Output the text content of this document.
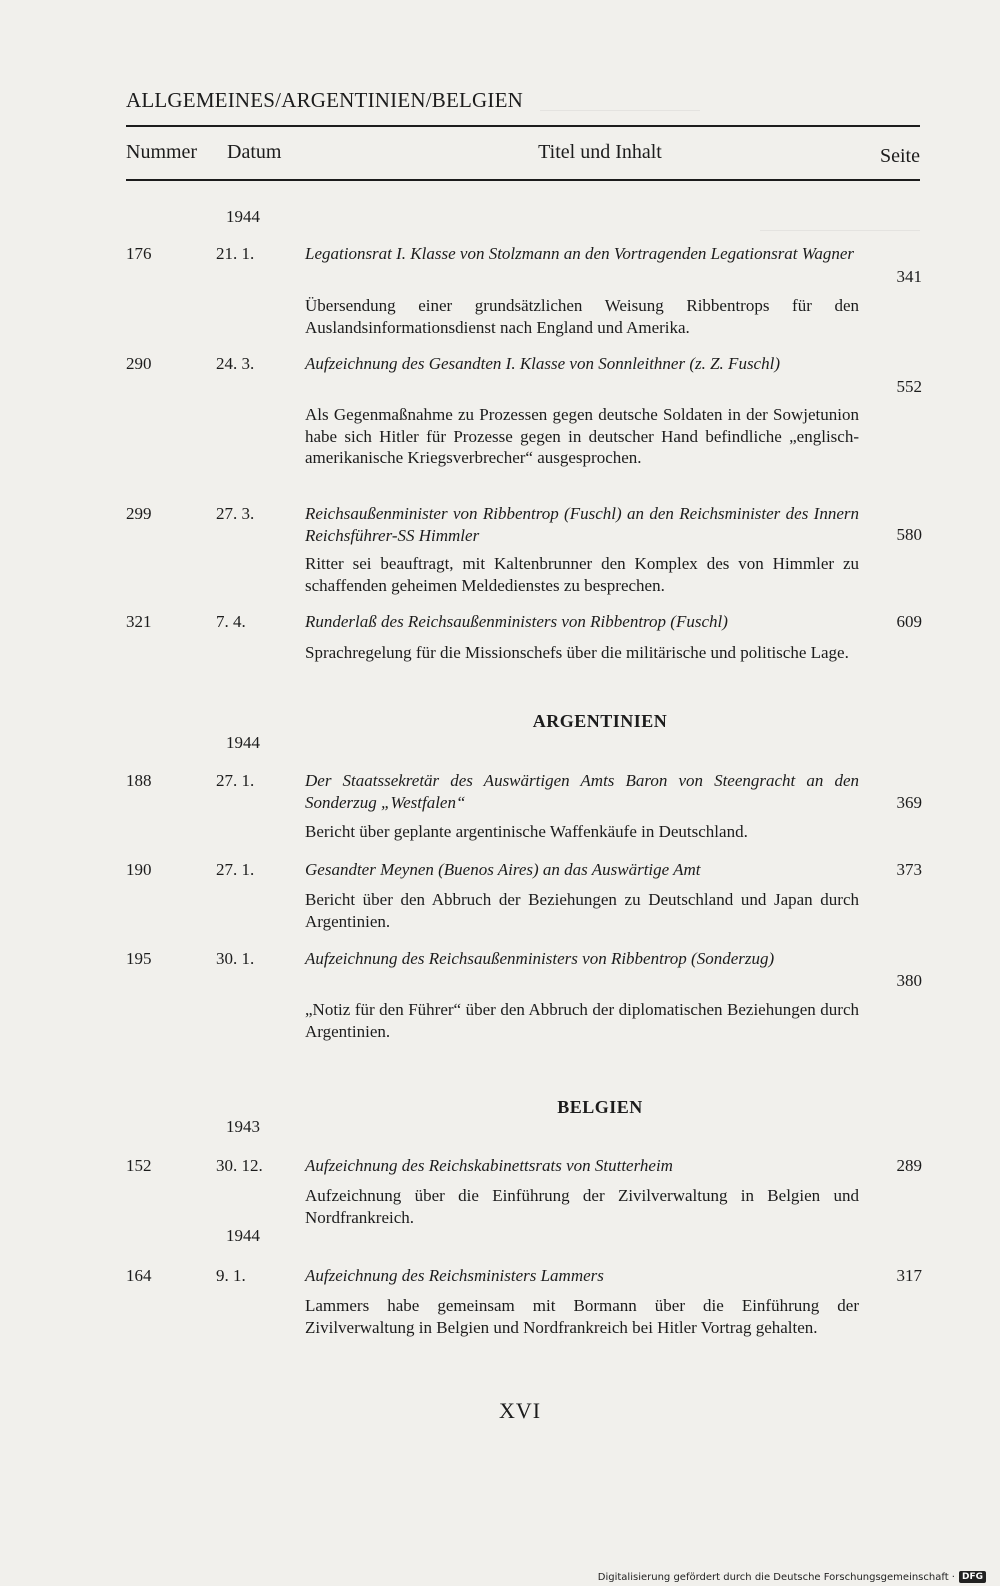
ALLGEMEINES/ARGENTINIEN/BELGIEN
Nummer Datum	Titel und Inhalt	Seite
1944
176	21. 1.	Legationsrat I. Klasse von Stolzmann an den Vortragenden Legationsrat Wagner
341
Übersendung einer grundsätzlichen Weisung Ribbentrops für den Auslandsinformationsdienst nach England und Amerika.
290	24. 3.	Aufzeichnung des Gesandten I. Klasse von Sonnleithner (z. Z. Fuschl)
552
Als Gegenmaßnahme zu Prozessen gegen deutsche Soldaten in der Sowjetunion habe sich Hitler für Prozesse gegen in deutscher Hand befindliche „englisch-amerikanische Kriegsverbrecher“ ausgesprochen.
299	27. 3.	Reichsaußenminister von Ribbentrop (Fuschl) an den Reichsminister des Innern Reichsführer-SS Himmler	580
Ritter sei beauftragt, mit Kaltenbrunner den Komplex des von Himmler zu schaffenden geheimen Meldedienstes zu besprechen.
321	7. 4.	Runderlaß des Reichsaußenministers von Ribbentrop (Fuschl)	609
Sprachregelung für die Missionschefs über die militärische und politische Lage.
ARGENTINIEN
1944
188	27. 1.	Der Staatssekretär des Auswärtigen Amts Baron von Steengracht an den Sonderzug „Westfalen“	369
Bericht über geplante argentinische Waffenkäufe in Deutschland.
190	27. 1.	Gesandter Meynen (Buenos Aires) an das Auswärtige Amt	373
Bericht über den Abbruch der Beziehungen zu Deutschland und Japan durch Argentinien.
195	30. 1.	Aufzeichnung des Reichsaußenministers von Ribbentrop (Sonderzug)
380
„Notiz für den Führer“ über den Abbruch der diplomatischen Beziehungen durch Argentinien.
BELGIEN
1943
152	30. 12. Aufzeichnung des Reichskabinettsrats von Stutterheim	289
Aufzeichnung über die Einführung der Zivilverwaltung in Belgien und Nordfrankreich.
1944
164	9. 1.	Aufzeichnung des Reichsministers Lammers	317
Lammers habe gemeinsam mit Bormann über die Einführung der Zivilverwaltung in Belgien und Nordfrankreich bei Hitler Vortrag gehalten.
XVI
Digitalisierung gefördert durch die Deutsche Forschungsgemeinschaft · DFG
